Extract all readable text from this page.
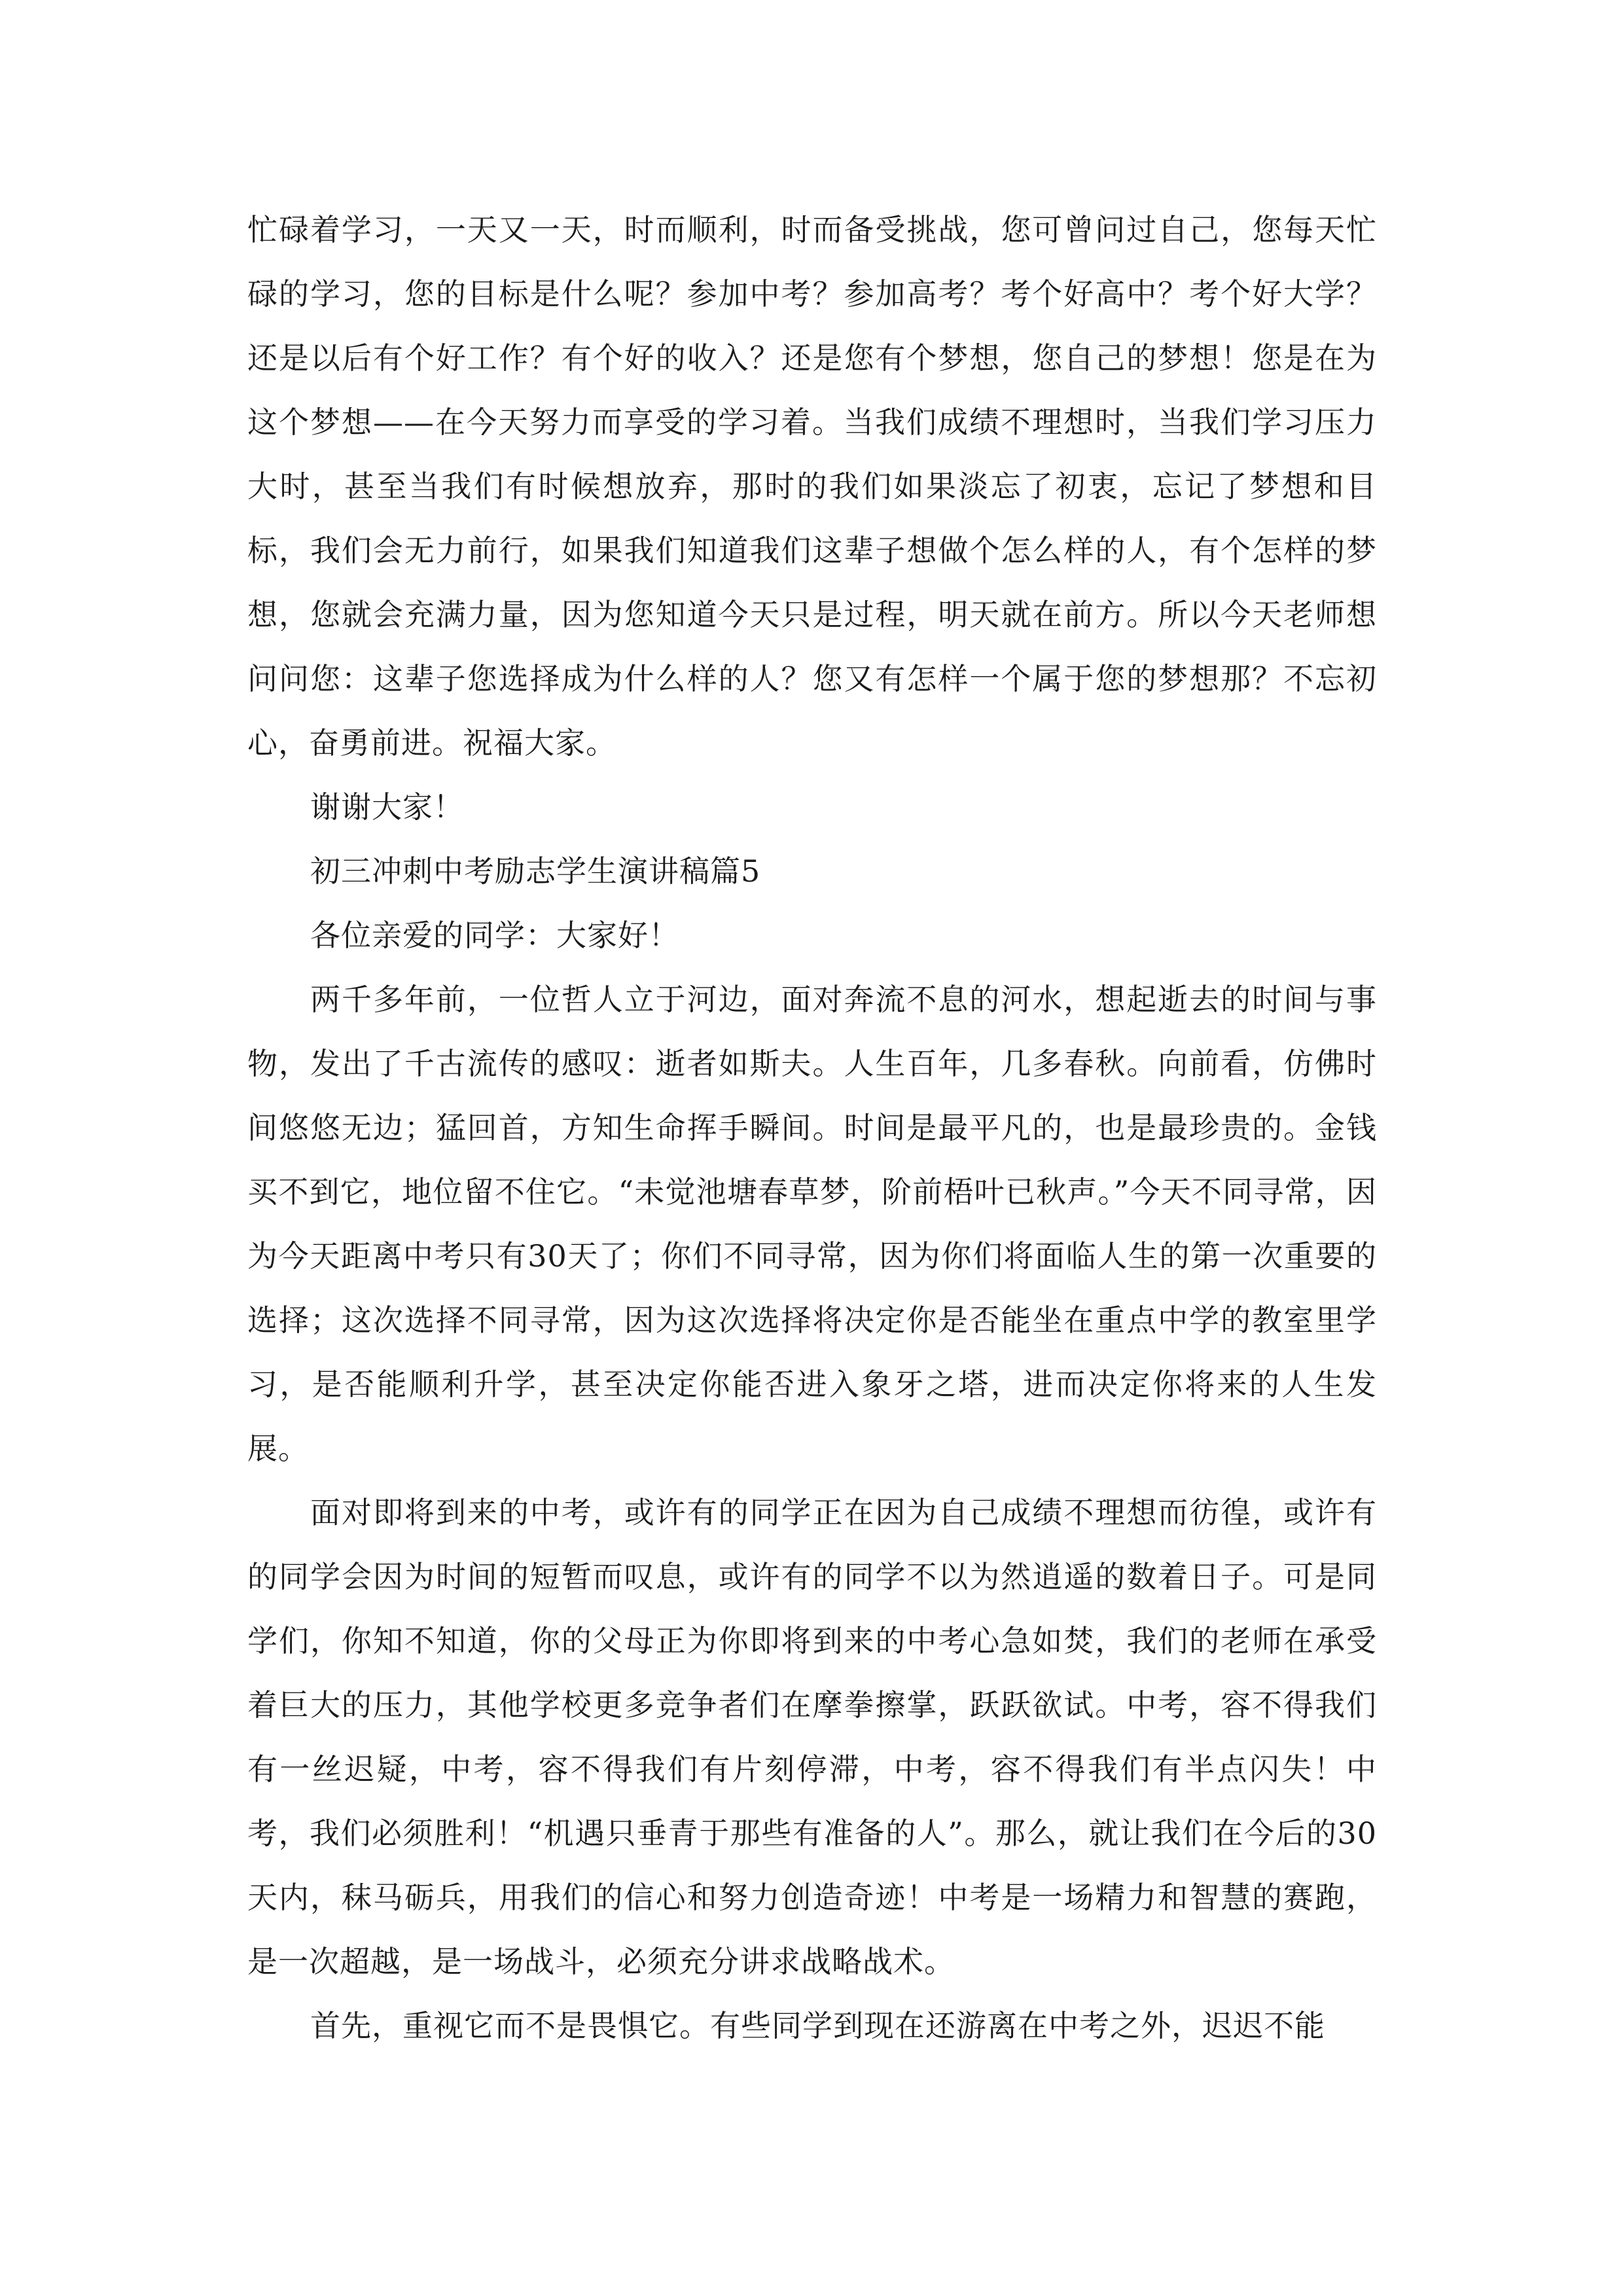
忙碌着学习，一天又一天，时而顺利，时而备受挑战，您可曾问过自己，您每天忙碌的学习，您的目标是什么呢？参加中考？参加高考？考个好高中？考个好大学？还是以后有个好工作？有个好的收入？还是您有个梦想，您自己的梦想！您是在为这个梦想——在今天努力而享受的学习着。当我们成绩不理想时，当我们学习压力大时，甚至当我们有时候想放弃，那时的我们如果淡忘了初衷，忘记了梦想和目标，我们会无力前行，如果我们知道我们这辈子想做个怎么样的人，有个怎样的梦想，您就会充满力量，因为您知道今天只是过程，明天就在前方。所以今天老师想问问您：这辈子您选择成为什么样的人？您又有怎样一个属于您的梦想那？不忘初心，奋勇前进。祝福大家。

谢谢大家！

初三冲刺中考励志学生演讲稿篇5

各位亲爱的同学：大家好！

两千多年前，一位哲人立于河边，面对奔流不息的河水，想起逝去的时间与事物，发出了千古流传的感叹：逝者如斯夫。人生百年，几多春秋。向前看，仿佛时间悠悠无边；猛回首，方知生命挥手瞬间。时间是最平凡的，也是最珍贵的。金钱买不到它，地位留不住它。“未觉池塘春草梦，阶前梧叶已秋声。”今天不同寻常，因为今天距离中考只有30天了；你们不同寻常，因为你们将面临人生的第一次重要的选择；这次选择不同寻常，因为这次选择将决定你是否能坐在重点中学的教室里学习，是否能顺利升学，甚至决定你能否进入象牙之塔，进而决定你将来的人生发展。

面对即将到来的中考，或许有的同学正在因为自己成绩不理想而彷徨，或许有的同学会因为时间的短暂而叹息，或许有的同学不以为然逍遥的数着日子。可是同学们，你知不知道，你的父母正为你即将到来的中考心急如焚，我们的老师在承受着巨大的压力，其他学校更多竞争者们在摩拳擦掌，跃跃欲试。中考，容不得我们有一丝迟疑，中考，容不得我们有片刻停滞，中考，容不得我们有半点闪失！中考，我们必须胜利！“机遇只垂青于那些有准备的人”。那么，就让我们在今后的30天内，秣马砺兵，用我们的信心和努力创造奇迹！中考是一场精力和智慧的赛跑，是一次超越，是一场战斗，必须充分讲求战略战术。

首先，重视它而不是畏惧它。有些同学到现在还游离在中考之外，迟迟不能
